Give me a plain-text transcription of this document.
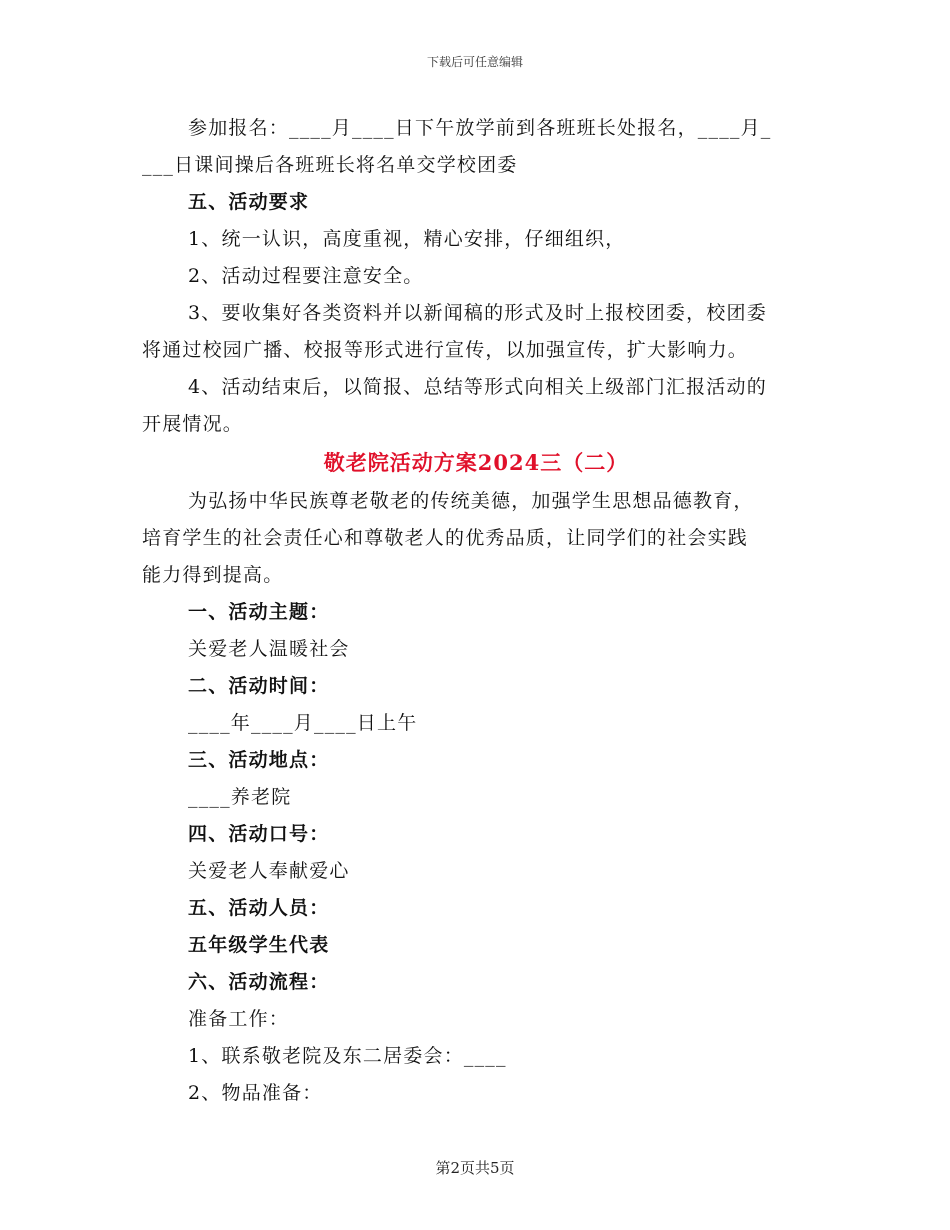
下载后可任意编辑
参加报名：____月____日下午放学前到各班班长处报名，____月_
___日课间操后各班班长将名单交学校团委
五、活动要求
1、统一认识，高度重视，精心安排，仔细组织，
2、活动过程要注意安全。
3、要收集好各类资料并以新闻稿的形式及时上报校团委，校团委
将通过校园广播、校报等形式进行宣传，以加强宣传，扩大影响力。
4、活动结束后，以简报、总结等形式向相关上级部门汇报活动的
开展情况。
敬老院活动方案2024三（二）
为弘扬中华民族尊老敬老的传统美德，加强学生思想品德教育，
培育学生的社会责任心和尊敬老人的优秀品质，让同学们的社会实践
能力得到提高。
一、活动主题：
关爱老人温暖社会
二、活动时间：
____年____月____日上午
三、活动地点：
____养老院
四、活动口号：
关爱老人奉献爱心
五、活动人员：
五年级学生代表
六、活动流程：
准备工作：
1、联系敬老院及东二居委会：____
2、物品准备：
第2页共5页
